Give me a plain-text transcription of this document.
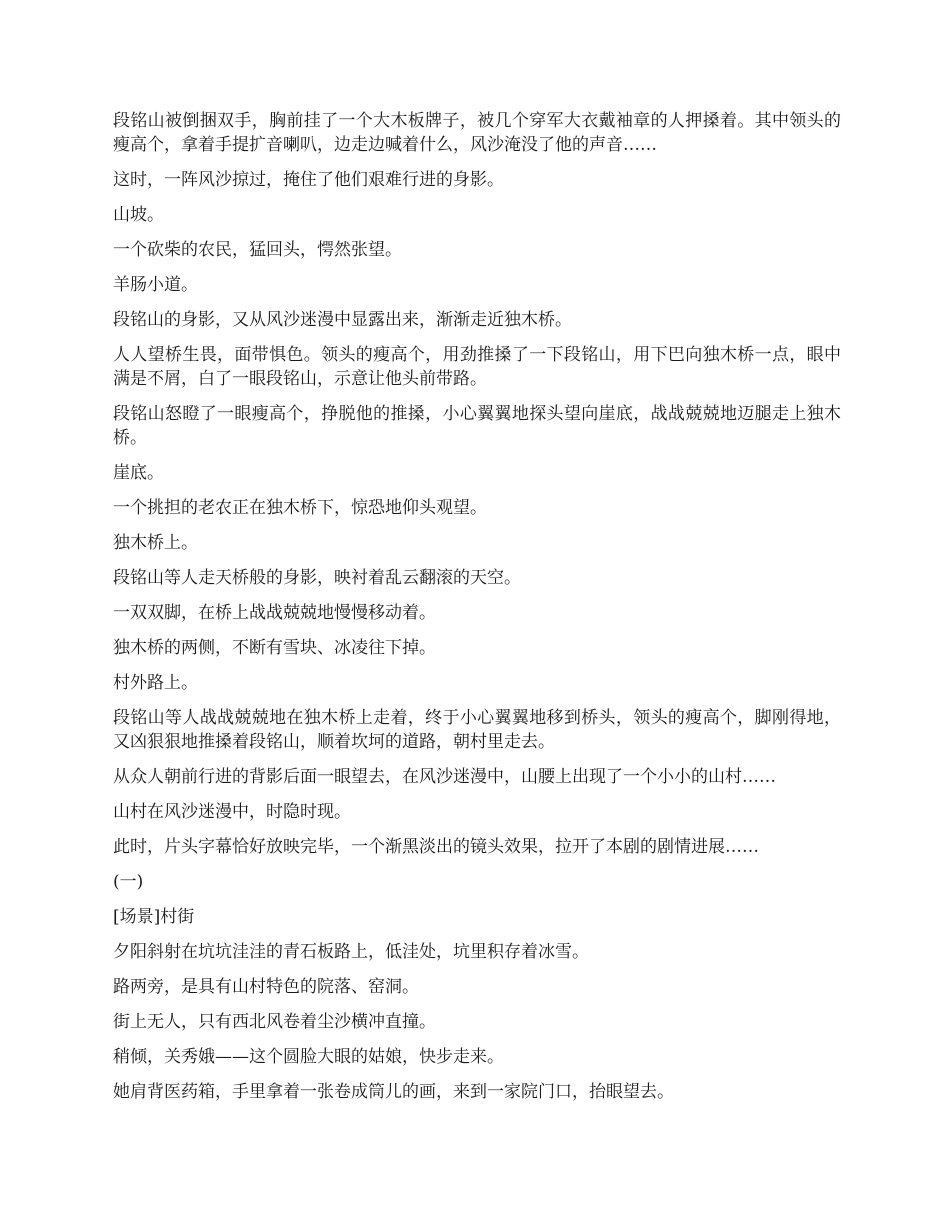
段铭山被倒捆双手，胸前挂了一个大木板牌子，被几个穿军大衣戴袖章的人押搡着。其中领头的瘦高个，拿着手提扩音喇叭，边走边喊着什么，风沙淹没了他的声音……

这时，一阵风沙掠过，掩住了他们艰难行进的身影。

山坡。

一个砍柴的农民，猛回头，愕然张望。

羊肠小道。

段铭山的身影，又从风沙迷漫中显露出来，渐渐走近独木桥。

人人望桥生畏，面带惧色。领头的瘦高个，用劲推搡了一下段铭山，用下巴向独木桥一点，眼中满是不屑，白了一眼段铭山，示意让他头前带路。

段铭山怒瞪了一眼瘦高个，挣脱他的推搡，小心翼翼地探头望向崖底，战战兢兢地迈腿走上独木桥。

崖底。

一个挑担的老农正在独木桥下，惊恐地仰头观望。

独木桥上。

段铭山等人走天桥般的身影，映衬着乱云翻滚的天空。

一双双脚，在桥上战战兢兢地慢慢移动着。

独木桥的两侧，不断有雪块、冰凌往下掉。

村外路上。

段铭山等人战战兢兢地在独木桥上走着，终于小心翼翼地移到桥头，领头的瘦高个，脚刚得地，又凶狠狠地推搡着段铭山，顺着坎坷的道路，朝村里走去。

从众人朝前行进的背影后面一眼望去，在风沙迷漫中，山腰上出现了一个小小的山村……

山村在风沙迷漫中，时隐时现。

此时，片头字幕恰好放映完毕，一个渐黑淡出的镜头效果，拉开了本剧的剧情进展……

(一)

[场景]村街

夕阳斜射在坑坑洼洼的青石板路上，低洼处，坑里积存着冰雪。

路两旁，是具有山村特色的院落、窑洞。

街上无人，只有西北风卷着尘沙横冲直撞。

稍倾，关秀娥——这个圆脸大眼的姑娘，快步走来。

她肩背医药箱，手里拿着一张卷成筒儿的画，来到一家院门口，抬眼望去。
